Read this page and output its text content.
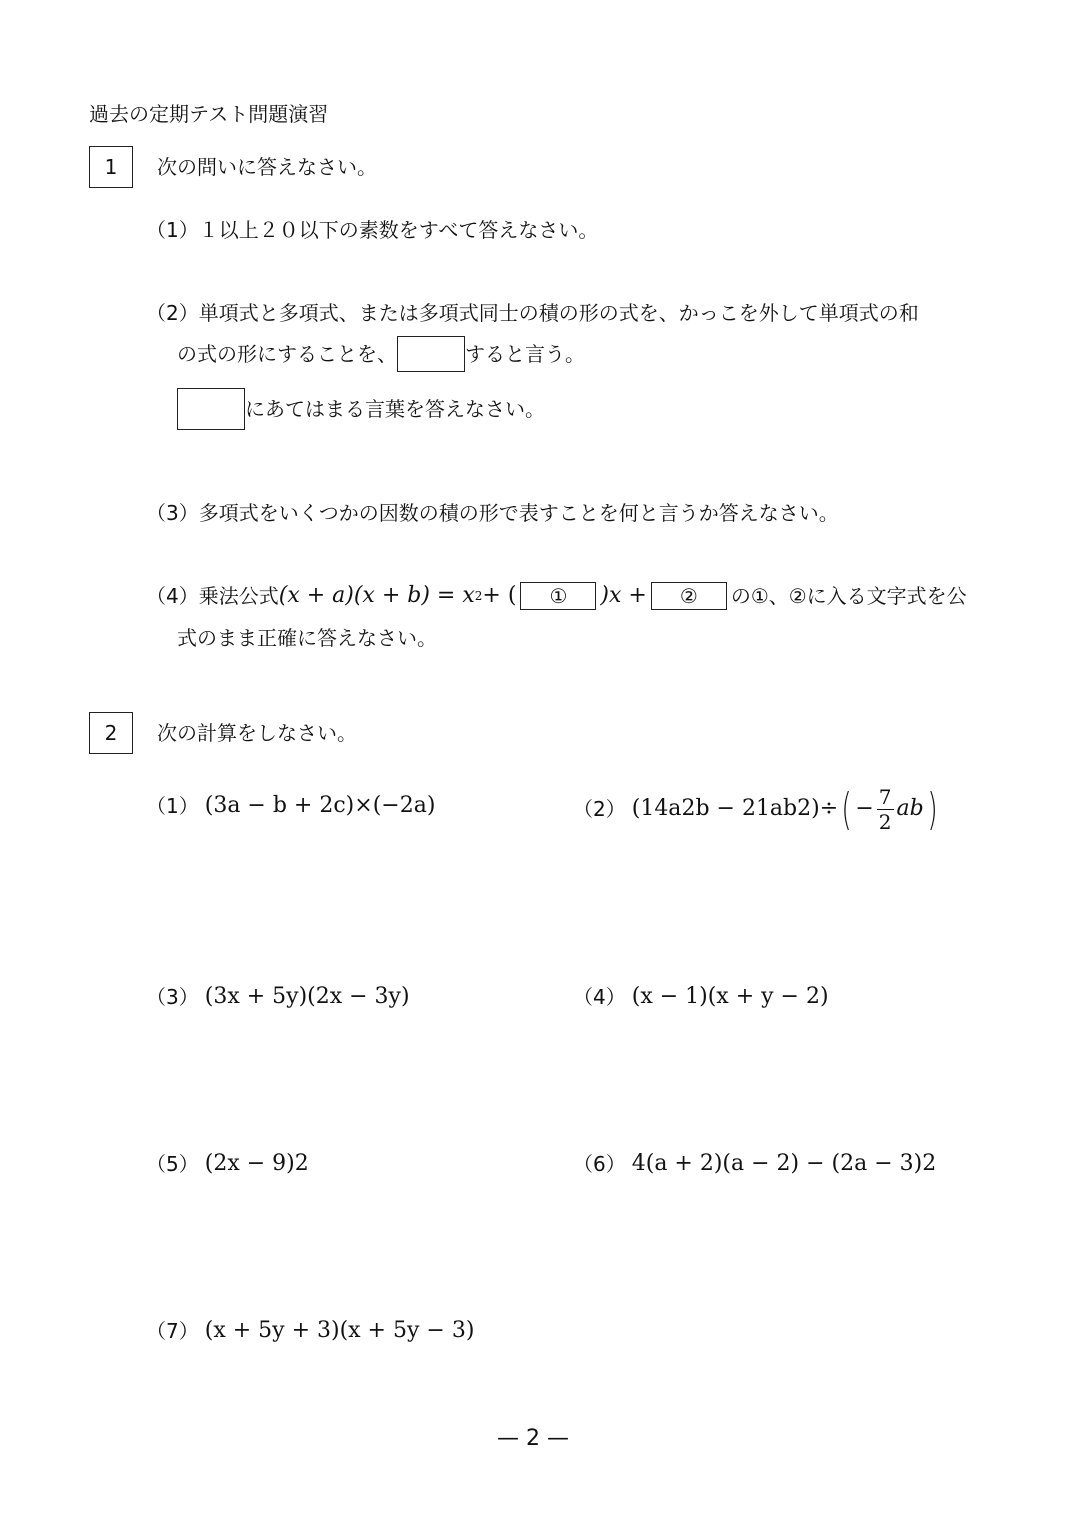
過去の定期テスト問題演習
1	次の問いに答えなさい。
（1）１以上２０以下の素数をすべて答えなさい。
（2）単項式と多項式、または多項式同士の積の形の式を、かっこを外して単項式の和
の式の形にすることを、	すると言う。
にあてはまる言葉を答えなさい。
（3）多項式をいくつかの因数の積の形で表すことを何と言うか答えなさい。
（4） 乗法公式 (x + a)(x + b) = x 2 + (	①	)x +	②	の①、②に入る文字式を公
式のまま正確に答えなさい。
2	次の計算をしなさい。
（1） (3a − b + 2c)×(−2a)	（2） (14a 2 b − 21ab 2 )÷ ( − $\frac{7}{2}$ ab )
（3） (3x + 5y)(2x − 3y)	（4） (x − 1)(x + y − 2)
（5） (2x − 9) 2	（6） 4(a + 2)(a − 2) − (2a − 3) 2
（7） (x + 5y + 3)(x + 5y − 3)
— 2 —
